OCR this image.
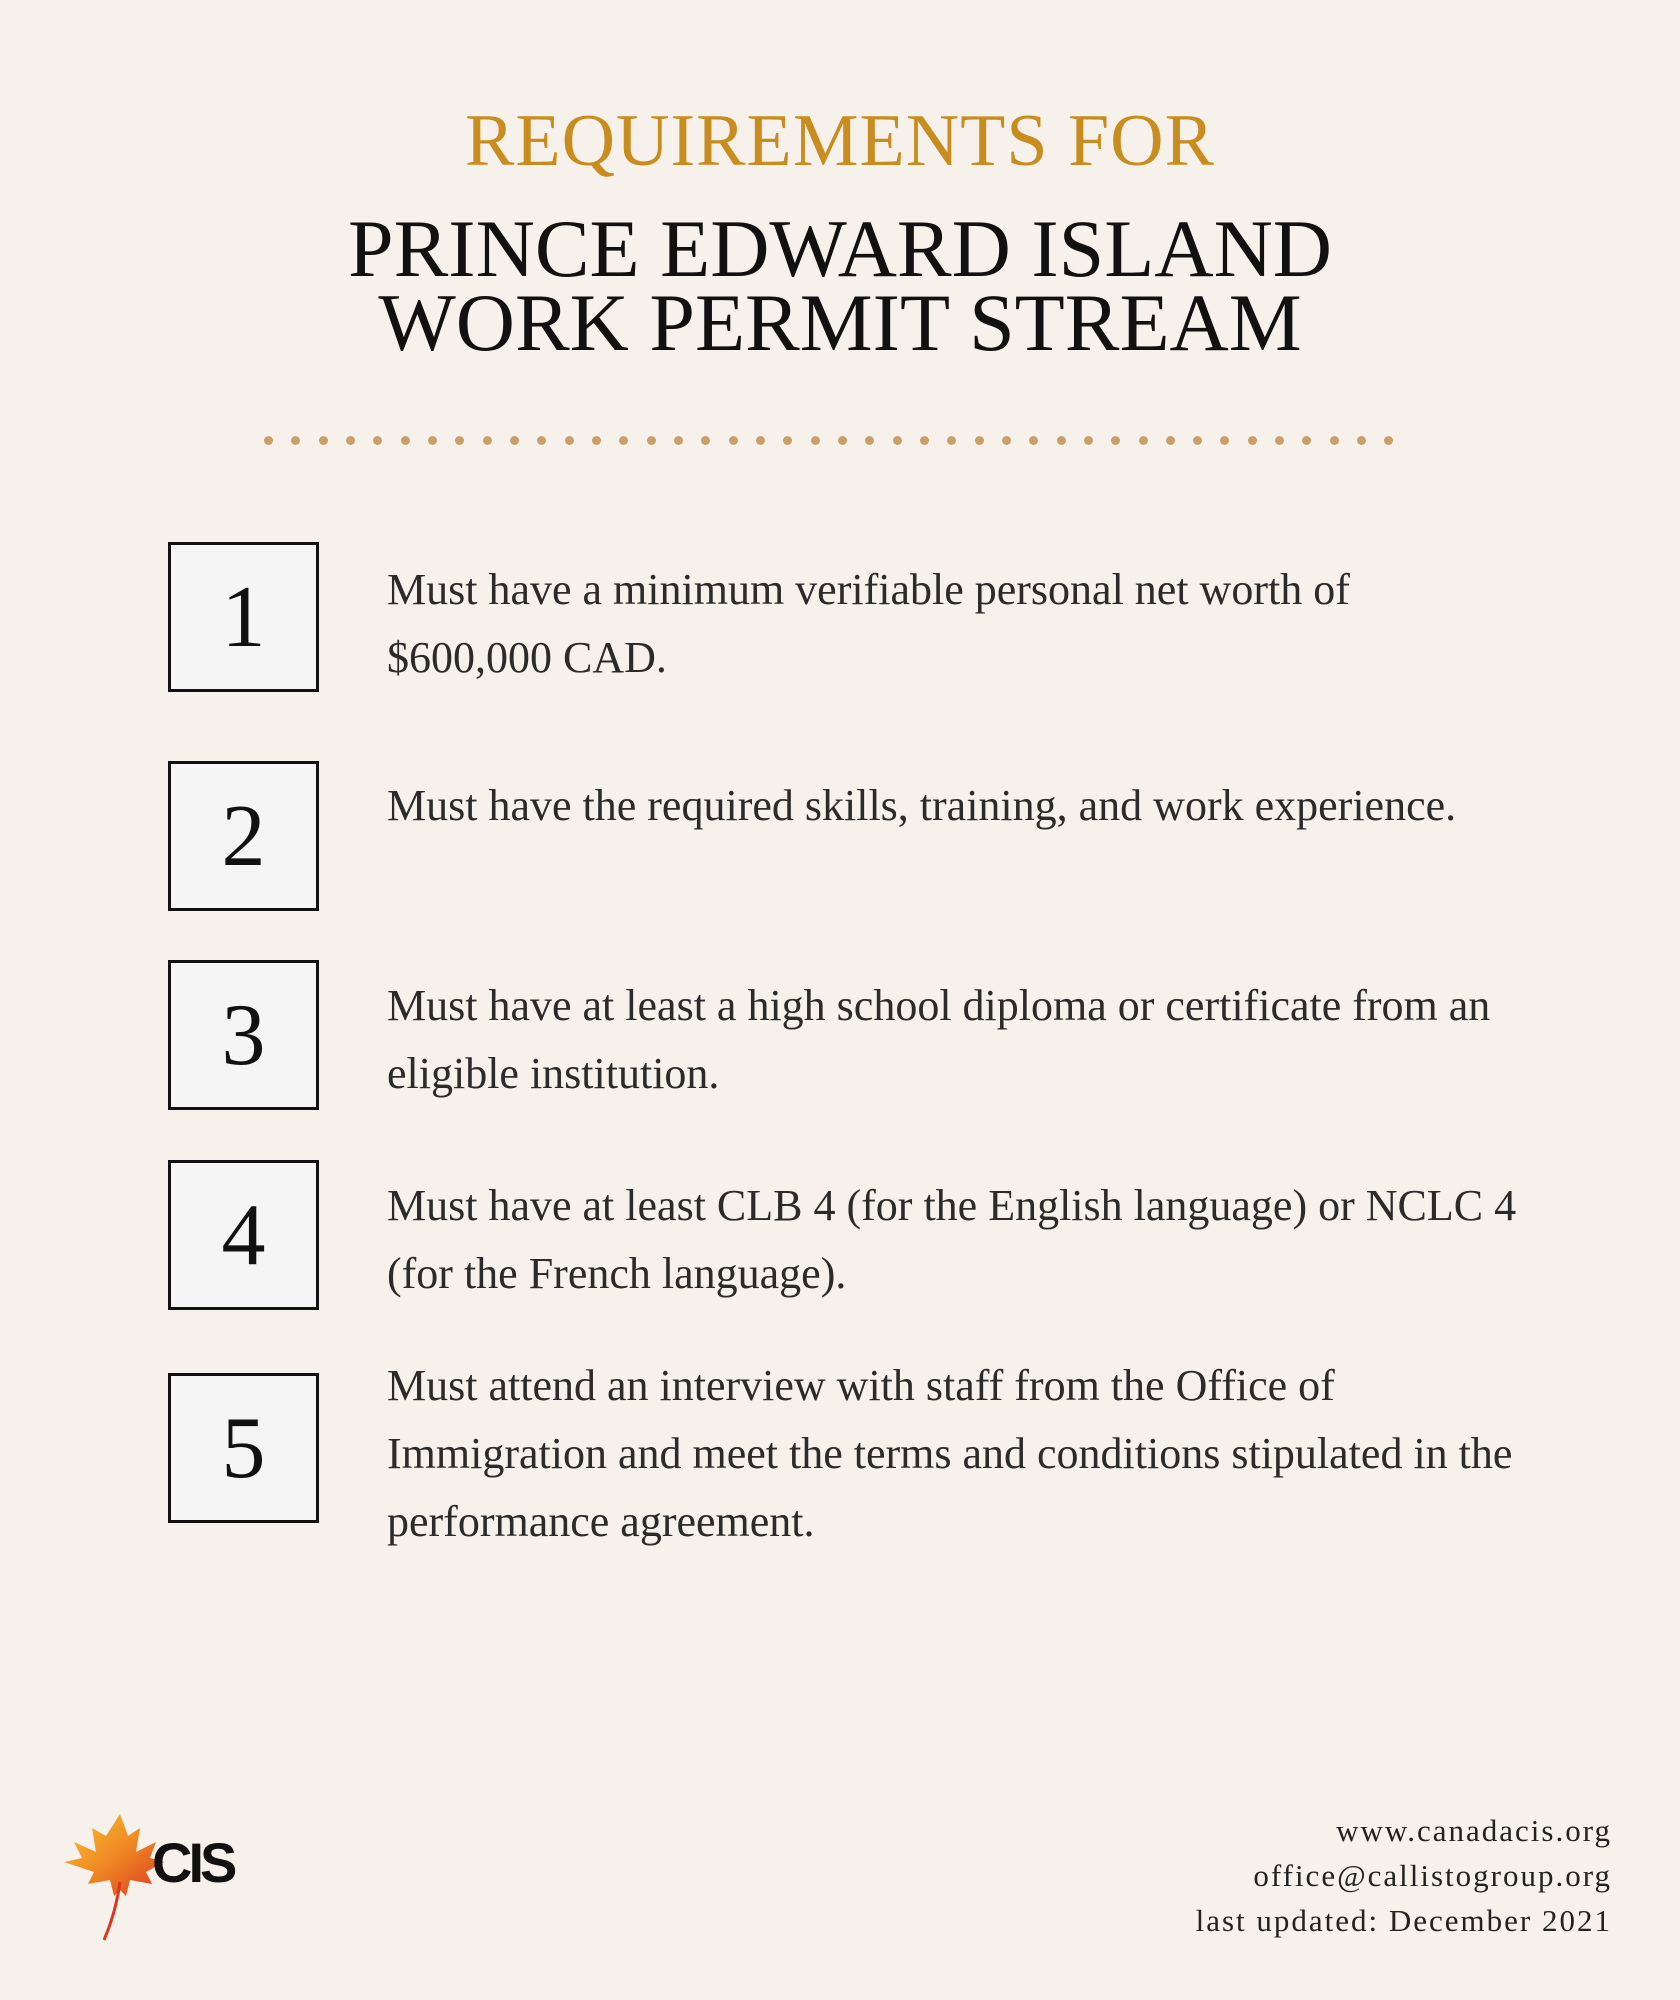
REQUIREMENTS FOR
PRINCE EDWARD ISLAND
WORK PERMIT STREAM
1	Must have a minimum verifiable personal net worth of $600,000 CAD.
2	Must have the required skills, training, and work experience.
3	Must have at least a high school diploma or certificate from an eligible institution.
4	Must have at least CLB 4 (for the English language) or NCLC 4 (for the French language).
5
Must attend an interview with staff from the Office of Immigration and meet the terms and conditions stipulated in the performance agreement.
CIS
www.canadacis.org
office@callistogroup.org
last updated: December 2021
